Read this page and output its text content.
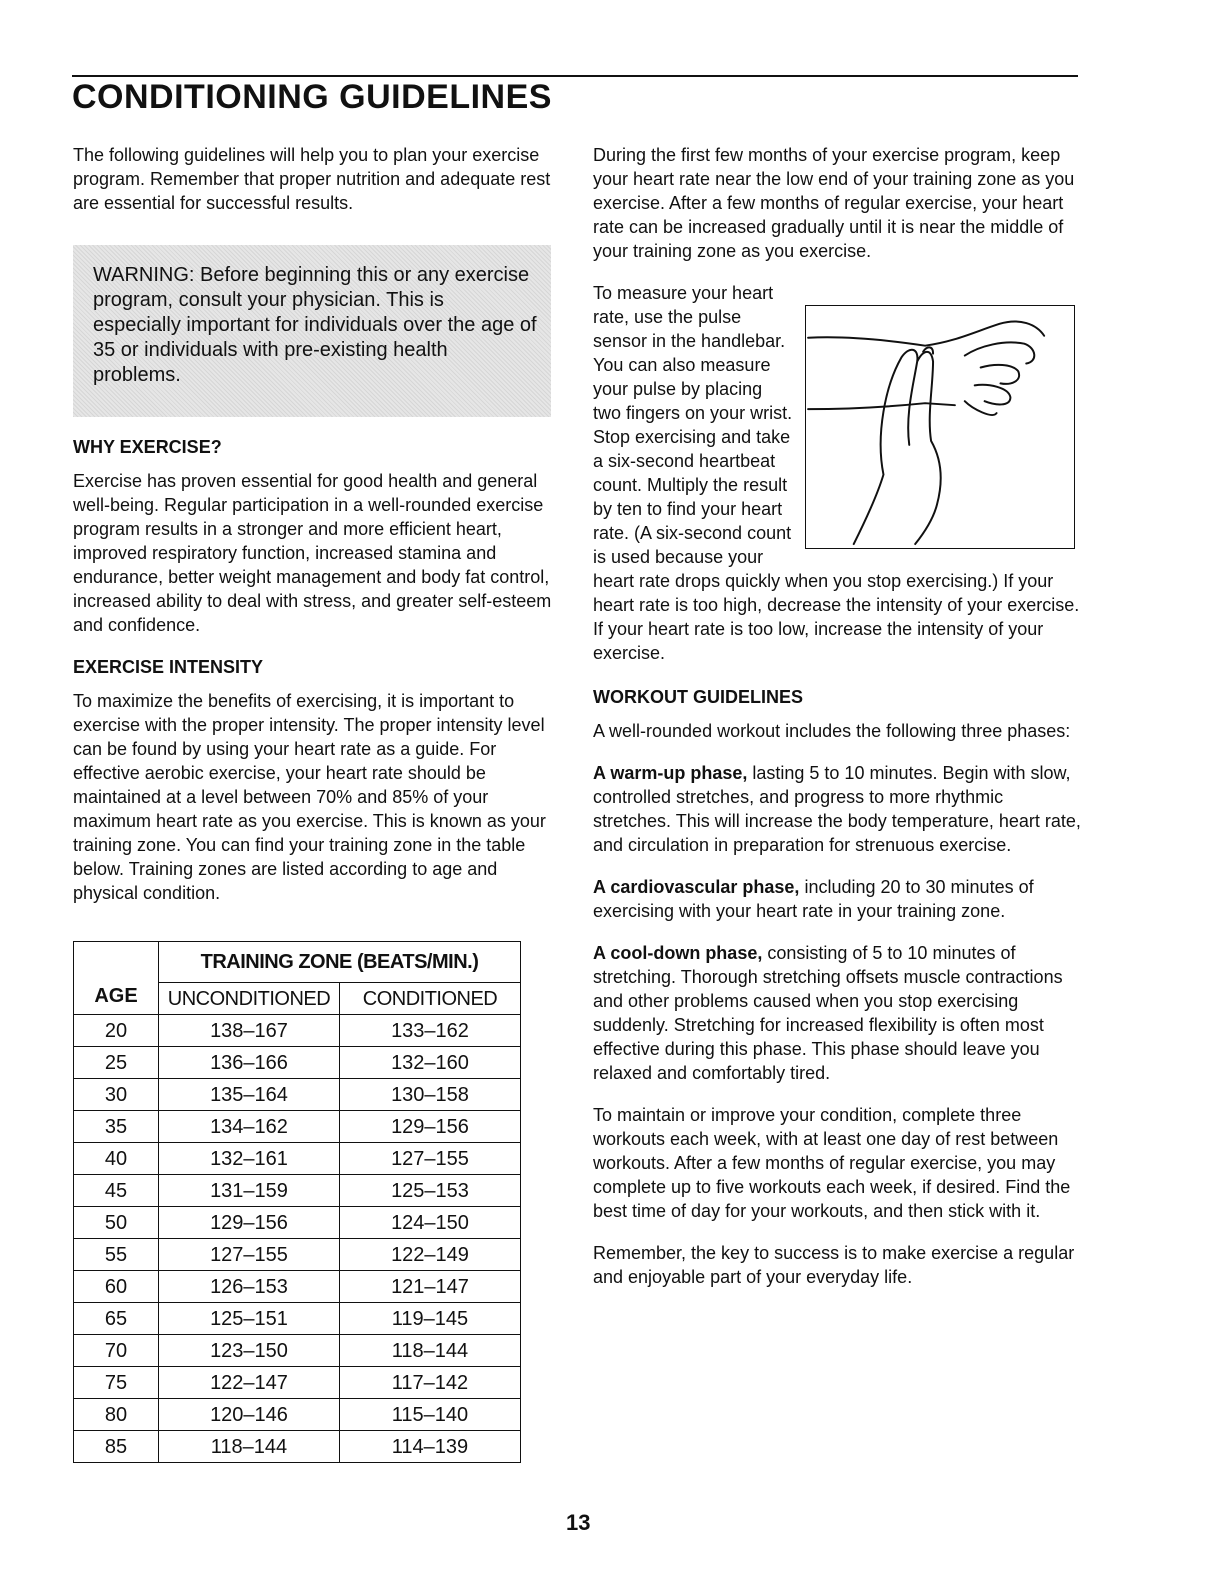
CONDITIONING GUIDELINES

The following guidelines will help you to plan your exercise program. Remember that proper nutrition and adequate rest are essential for successful results.

WARNING: Before beginning this or any exercise program, consult your physician. This is especially important for individuals over the age of 35 or individuals with pre-existing health problems.

WHY EXERCISE?

Exercise has proven essential for good health and general well-being. Regular participation in a well-rounded exercise program results in a stronger and more efficient heart, improved respiratory function, increased stamina and endurance, better weight management and body fat control, increased ability to deal with stress, and greater self-esteem and confidence.

EXERCISE INTENSITY

To maximize the benefits of exercising, it is important to exercise with the proper intensity. The proper intensity level can be found by using your heart rate as a guide. For effective aerobic exercise, your heart rate should be maintained at a level between 70% and 85% of your maximum heart rate as you exercise. This is known as your training zone. You can find your training zone in the table below. Training zones are listed according to age and physical condition.

AGE	TRAINING ZONE (BEATS/MIN.)	
	UNCONDITIONED	CONDITIONED
20	138–167	133–162
25	136–166	132–160
30	135–164	130–158
35	134–162	129–156
40	132–161	127–155
45	131–159	125–153
50	129–156	124–150
55	127–155	122–149
60	126–153	121–147
65	125–151	119–145
70	123–150	118–144
75	122–147	117–142
80	120–146	115–140
85	118–144	114–139

During the first few months of your exercise program, keep your heart rate near the low end of your training zone as you exercise. After a few months of regular exercise, your heart rate can be increased gradually until it is near the middle of your training zone as you exercise.

To measure your heart rate, use the pulse sensor in the handlebar. You can also measure your pulse by placing two fingers on your wrist. Stop exercising and take a six-second heartbeat count. Multiply the result by ten to find your heart rate. (A six-second count is used because your heart rate drops quickly when you stop exercising.) If your heart rate is too high, decrease the intensity of your exercise. If your heart rate is too low, increase the intensity of your exercise.

WORKOUT GUIDELINES

A well-rounded workout includes the following three phases:

A warm-up phase, lasting 5 to 10 minutes. Begin with slow, controlled stretches, and progress to more rhythmic stretches. This will increase the body temperature, heart rate, and circulation in preparation for strenuous exercise.

A cardiovascular phase, including 20 to 30 minutes of exercising with your heart rate in your training zone.

A cool-down phase, consisting of 5 to 10 minutes of stretching. Thorough stretching offsets muscle contractions and other problems caused when you stop exercising suddenly. Stretching for increased flexibility is often most effective during this phase. This phase should leave you relaxed and comfortably tired.

To maintain or improve your condition, complete three workouts each week, with at least one day of rest between workouts. After a few months of regular exercise, you may complete up to five workouts each week, if desired. Find the best time of day for your workouts, and then stick with it.

Remember, the key to success is to make exercise a regular and enjoyable part of your everyday life.

13
